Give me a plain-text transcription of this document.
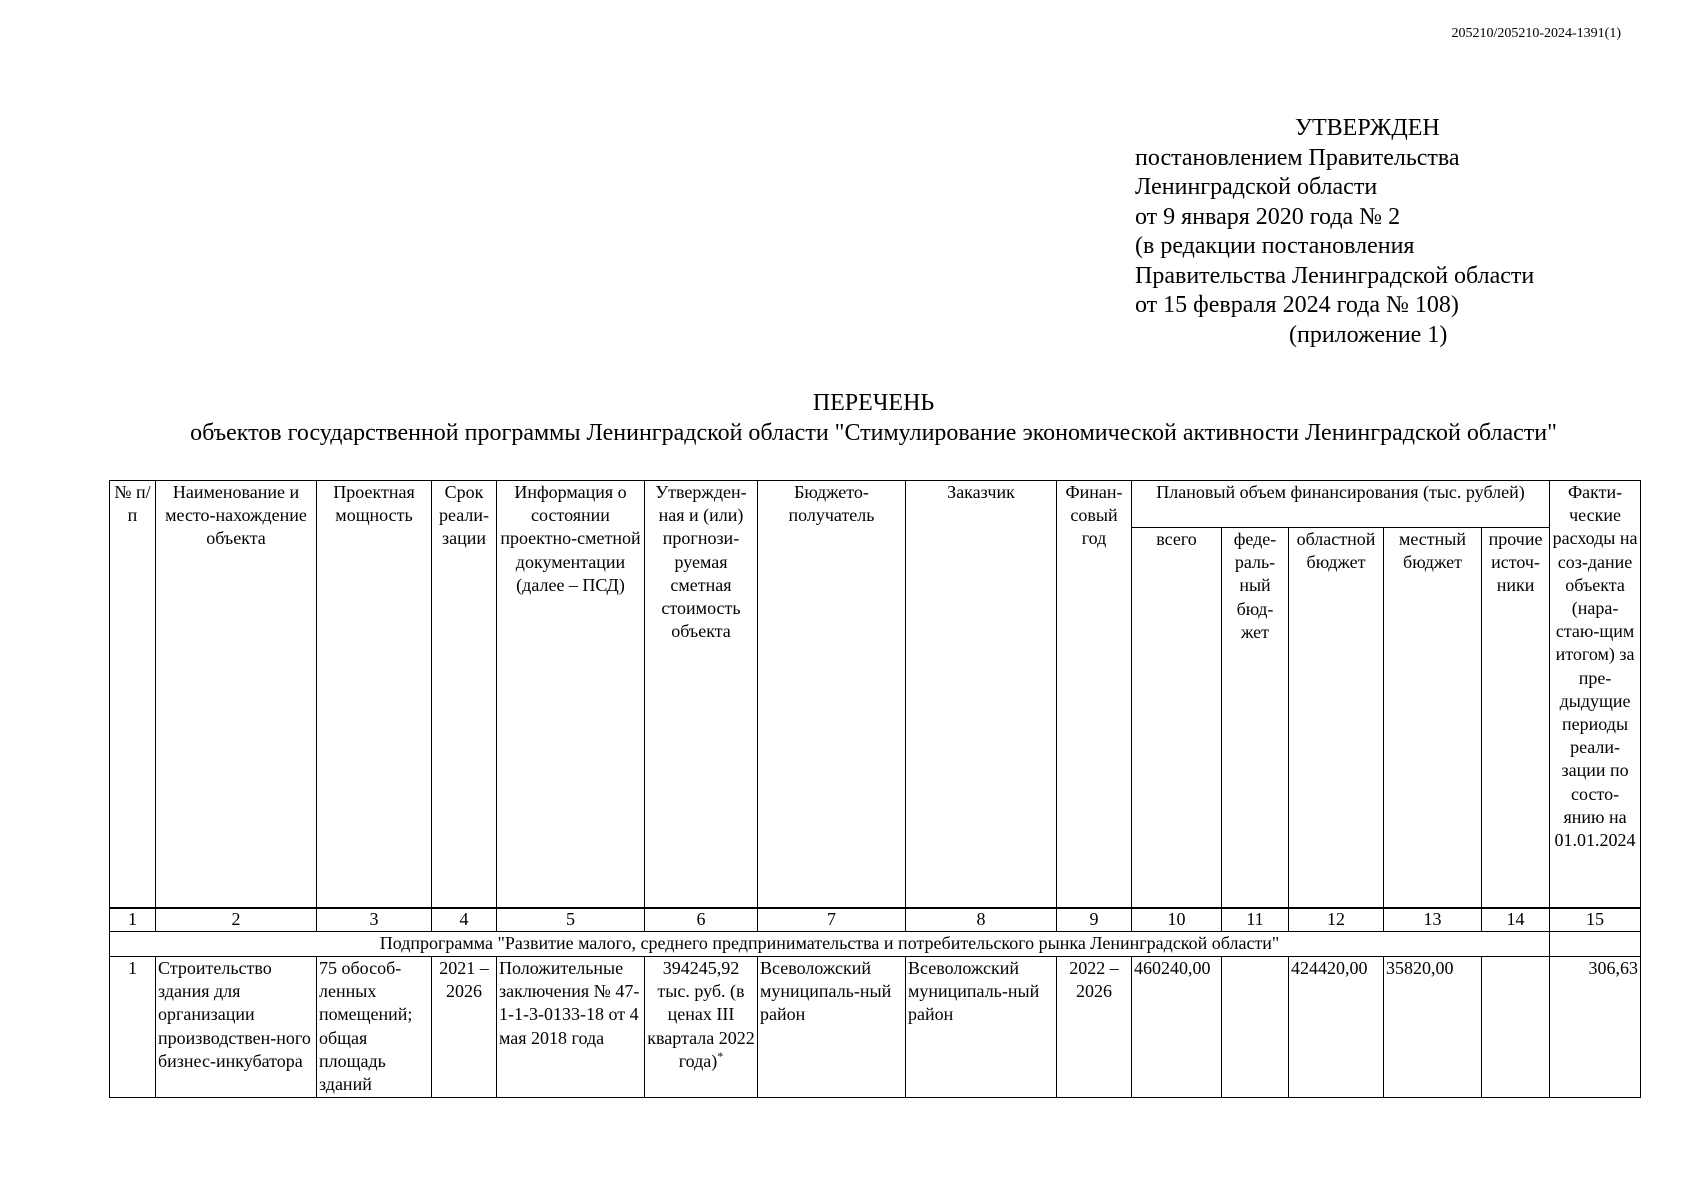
205210/205210-2024-1391(1)
УТВЕРЖДЕН
постановлением Правительства
Ленинградской области
от 9 января 2020 года № 2
(в редакции постановления
Правительства Ленинградской области
от 15 февраля 2024 года № 108)
(приложение 1)
ПЕРЕЧЕНЬ
объектов государственной программы Ленинградской области "Стимулирование экономической активности Ленинградской области"
№ п/п	Наименование и место-нахождение объекта	Проектная мощность	Срок реали-зации	Информация о состоянии проектно-сметной документации (далее – ПСД)	Утвержден-ная и (или) прогнози-руемая сметная стоимость объекта	Бюджето-получатель	Заказчик	Финан-совый год	Плановый объем финансирования (тыс. рублей)					Факти-ческие расходы на соз-дание объекта (нара-стаю-щим итогом) за пре-дыдущие периоды реали-зации по состо-янию на 01.01.2024
									всего	феде-раль-ный бюд-жет	областной бюджет	местный бюджет	прочие источ-ники	
1	2	3	4	5	6	7	8	9	10	11	12	13	14	15
Подпрограмма "Развитие малого, среднего предпринимательства и потребительского рынка Ленинградской области"														
1	Строительство здания для организации производствен-ного бизнес-инкубатора	75 обособ-ленных помещений; общая площадь зданий	2021 – 2026	Положительные заключения № 47-1-1-3-0133-18 от 4 мая 2018 года	394245,92 тыс. руб. (в ценах III квартала 2022 года)*	Всеволожский муниципаль-ный район	Всеволожский муниципаль-ный район	2022 – 2026	460240,00		424420,00	35820,00		306,63
